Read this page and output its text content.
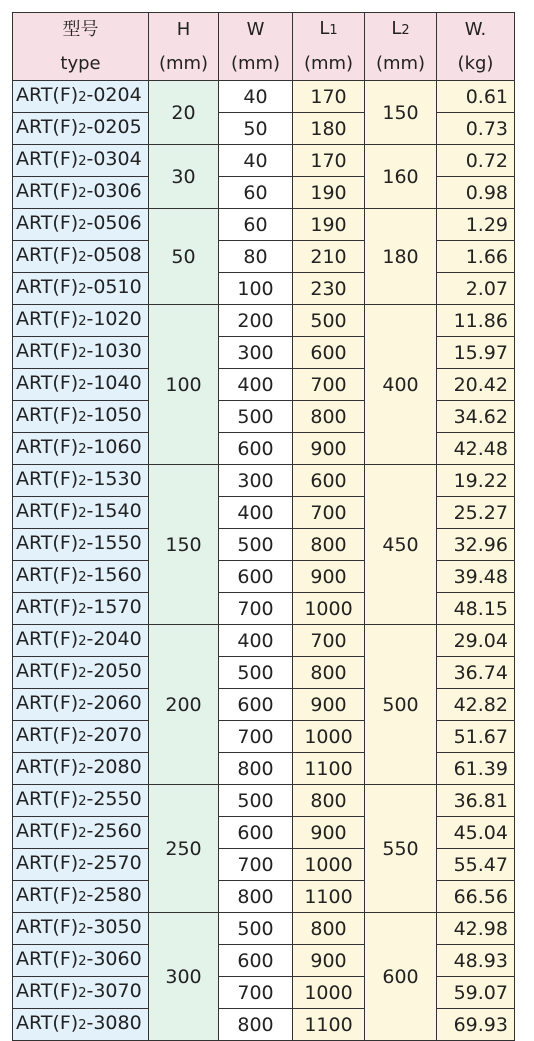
型号	H	W	L1	L2	W.
type	(mm)	(mm)	(mm)	(mm)	(kg)
ART(F)2-0204	20	40	170	150	0.61
ART(F)2-0205		50	180		0.73
ART(F)2-0304	30	40	170	160	0.72
ART(F)2-0306		60	190		0.98
ART(F)2-0506	50	60	190	180	1.29
ART(F)2-0508		80	210		1.66
ART(F)2-0510		100	230		2.07
ART(F)2-1020	100	200	500	400	11.86
ART(F)2-1030		300	600		15.97
ART(F)2-1040		400	700		20.42
ART(F)2-1050		500	800		34.62
ART(F)2-1060		600	900		42.48
ART(F)2-1530	150	300	600	450	19.22
ART(F)2-1540		400	700		25.27
ART(F)2-1550		500	800		32.96
ART(F)2-1560		600	900		39.48
ART(F)2-1570		700	1000		48.15
ART(F)2-2040	200	400	700	500	29.04
ART(F)2-2050		500	800		36.74
ART(F)2-2060		600	900		42.82
ART(F)2-2070		700	1000		51.67
ART(F)2-2080		800	1100		61.39
ART(F)2-2550	250	500	800	550	36.81
ART(F)2-2560		600	900		45.04
ART(F)2-2570		700	1000		55.47
ART(F)2-2580		800	1100		66.56
ART(F)2-3050	300	500	800	600	42.98
ART(F)2-3060		600	900		48.93
ART(F)2-3070		700	1000		59.07
ART(F)2-3080		800	1100		69.93
